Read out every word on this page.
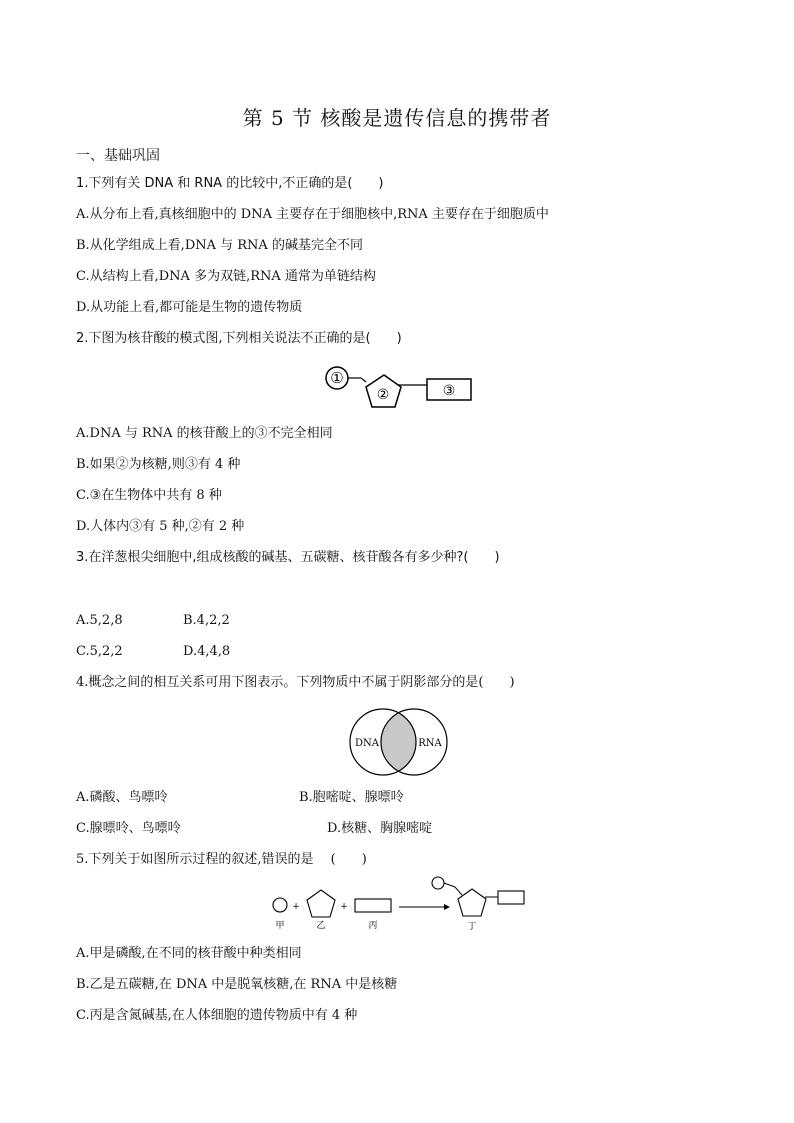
第 5 节 核酸是遗传信息的携带者
一、基础巩固
1.下列有关 DNA 和 RNA 的比较中,不正确的是(　　)
A.从分布上看,真核细胞中的 DNA 主要存在于细胞核中,RNA 主要存在于细胞质中
B.从化学组成上看,DNA 与 RNA 的碱基完全不同
C.从结构上看,DNA 多为双链,RNA 通常为单链结构
D.从功能上看,都可能是生物的遗传物质
2.下图为核苷酸的模式图,下列相关说法不正确的是(　　)
①
②	③
A.DNA 与 RNA 的核苷酸上的③不完全相同
B.如果②为核糖,则③有 4 种
C.③在生物体中共有 8 种
D.人体内③有 5 种,②有 2 种
3.在洋葱根尖细胞中,组成核酸的碱基、五碳糖、核苷酸各有多少种?(　　)
A.5,2,8	B.4,2,2
C.5,2,2	D.4,4,8
4.概念之间的相互关系可用下图表示。下列物质中不属于阴影部分的是(　　)
DNA	RNA
A.磷酸、鸟嘌呤	B.胞嘧啶、腺嘌呤
C.腺嘌呤、鸟嘌呤	D.核糖、胸腺嘧啶
5.下列关于如图所示过程的叙述,错误的是　 (　　)
甲
+
乙
+
丙	丁
A.甲是磷酸,在不同的核苷酸中种类相同
B.乙是五碳糖,在 DNA 中是脱氧核糖,在 RNA 中是核糖
C.丙是含氮碱基,在人体细胞的遗传物质中有 4 种
